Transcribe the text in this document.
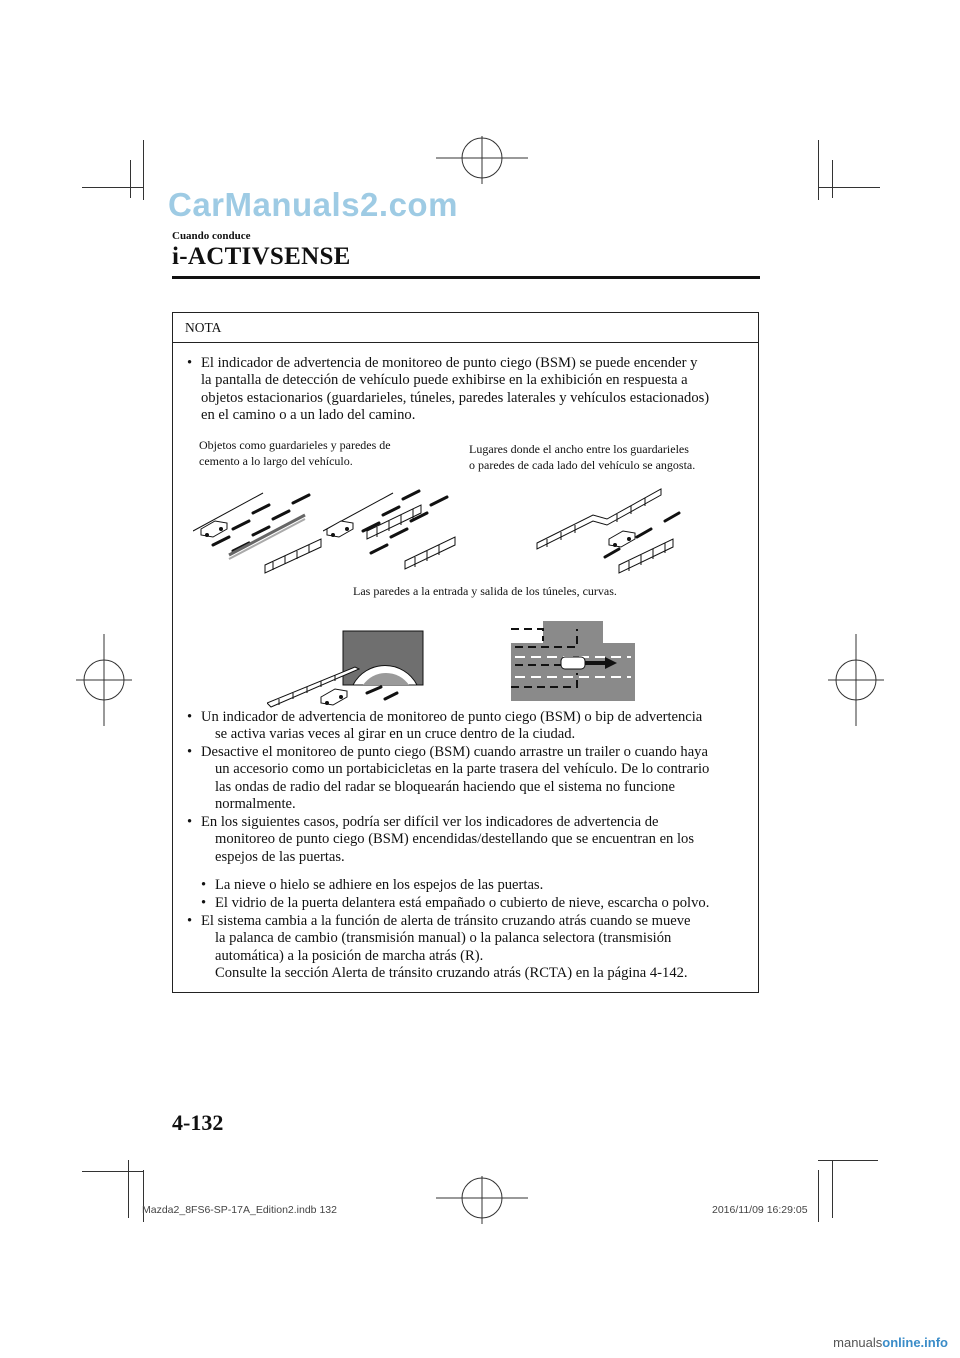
CarManuals2.com
Cuando conduce
i-ACTIVSENSE
NOTA
• El indicador de advertencia de monitoreo de punto ciego (BSM) se puede encender y
la pantalla de detección de vehículo puede exhibirse en la exhibición en respuesta a
objetos estacionarios (guardarieles, túneles, paredes laterales y vehículos estacionados)
en el camino o a un lado del camino.
Objetos como guardarieles y paredes de
cemento a lo largo del vehículo.
Lugares donde el ancho entre los guardarieles
o paredes de cada lado del vehículo se angosta.
Las paredes a la entrada y salida de los túneles, curvas.
• Un indicador de advertencia de monitoreo de punto ciego (BSM) o bip de advertencia
se activa varias veces al girar en un cruce dentro de la ciudad.
• Desactive el monitoreo de punto ciego (BSM) cuando arrastre un trailer o cuando haya
un accesorio como un portabicicletas en la parte trasera del vehículo. De lo contrario
las ondas de radio del radar se bloquearán haciendo que el sistema no funcione
normalmente.
• En los siguientes casos, podría ser difícil ver los indicadores de advertencia de
monitoreo de punto ciego (BSM) encendidas/destellando que se encuentran en los
espejos de las puertas.
• La nieve o hielo se adhiere en los espejos de las puertas.
• El vidrio de la puerta delantera está empañado o cubierto de nieve, escarcha o polvo.
• El sistema cambia a la función de alerta de tránsito cruzando atrás cuando se mueve
la palanca de cambio (transmisión manual) o la palanca selectora (transmisión
automática) a la posición de marcha atrás (R).
Consulte la sección Alerta de tránsito cruzando atrás (RCTA) en la página 4-142.
4-132
Mazda2_8FS6-SP-17A_Edition2.indb 132	2016/11/09 16:29:05
manualsonline.info
